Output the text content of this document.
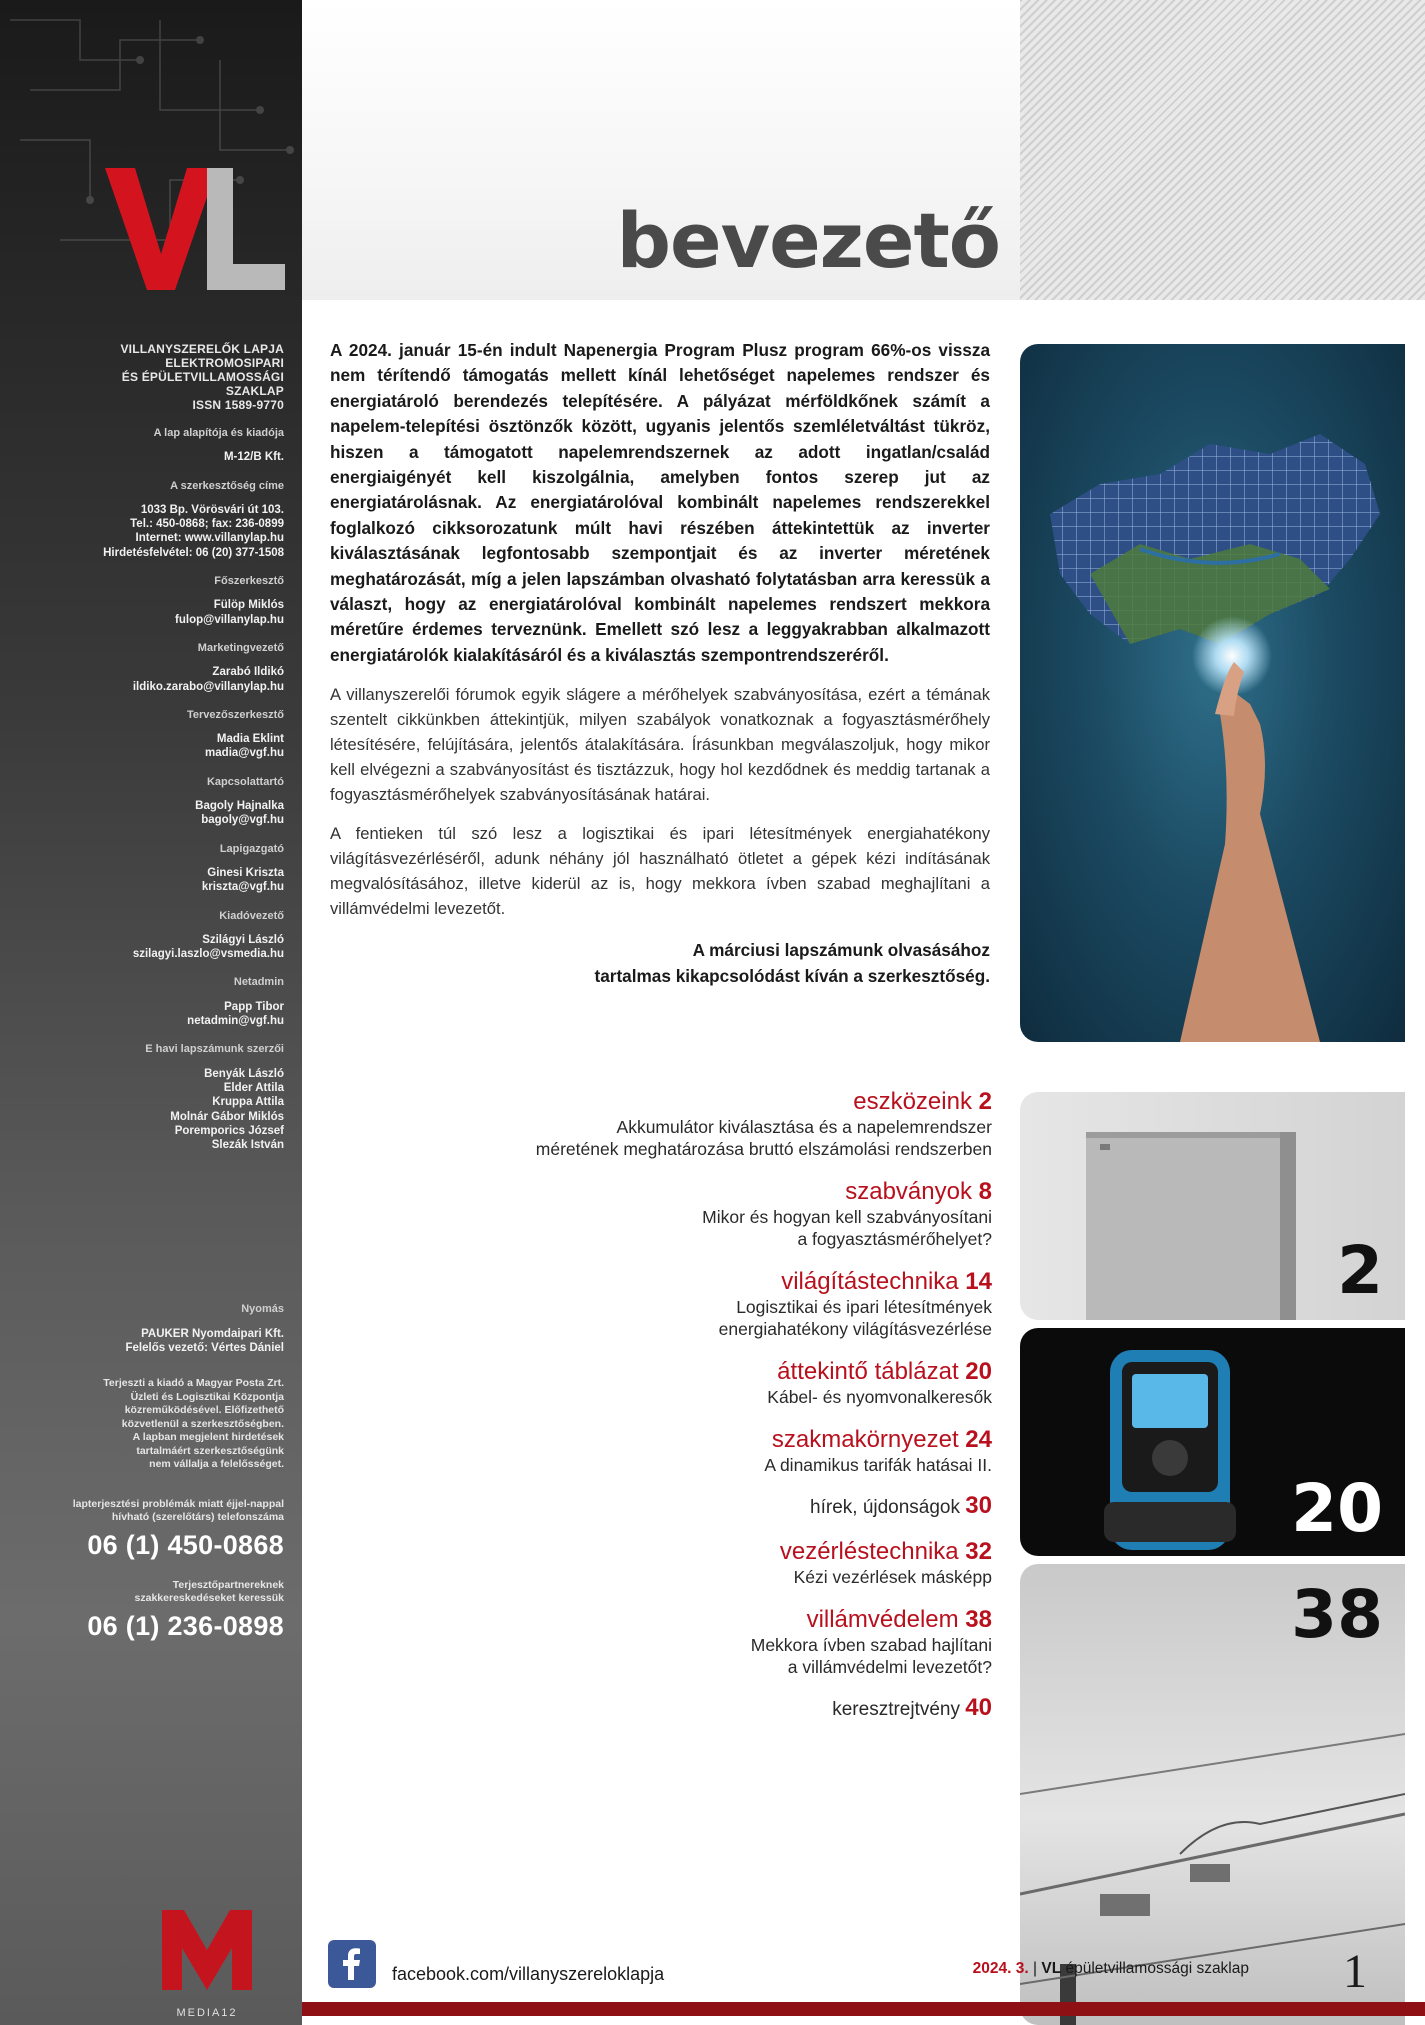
VILLANYSZERELŐK LAPJA
ELEKTROMOSIPARI
ÉS ÉPÜLETVILLAMOSSÁGI
SZAKLAP
ISSN 1589-9770
A lap alapítója és kiadója
M-12/B Kft.
A szerkesztőség címe
1033 Bp. Vörösvári út 103.
Tel.: 450-0868; fax: 236-0899
Internet: www.villanylap.hu
Hirdetésfelvétel: 06 (20) 377-1508
Főszerkesztő
Fülöp Miklós
fulop@villanylap.hu
Marketingvezető
Zarabó Ildikó
ildiko.zarabo@villanylap.hu
Tervezőszerkesztő
Madia Eklint
madia@vgf.hu
Kapcsolattartó
Bagoly Hajnalka
bagoly@vgf.hu
Lapigazgató
Ginesi Kriszta
kriszta@vgf.hu
Kiadóvezető
Szilágyi László
szilagyi.laszlo@vsmedia.hu
Netadmin
Papp Tibor
netadmin@vgf.hu
E havi lapszámunk szerzői
Benyák László
Elder Attila
Kruppa Attila
Molnár Gábor Miklós
Poremporics József
Slezák István
Nyomás
PAUKER Nyomdaipari Kft.
Felelős vezető: Vértes Dániel
Terjeszti a kiadó a Magyar Posta Zrt.
Üzleti és Logisztikai Központja
közreműködésével. Előfizethető
közvetlenül a szerkesztőségben.
A lapban megjelent hirdetések
tartalmáért szerkesztőségünk
nem vállalja a felelősséget.
lapterjesztési problémák miatt éjjel-nappal
hívható (szerelőtárs) telefonszáma
06 (1) 450-0868
Terjesztőpartnereknek
szakkereskedéseket keressük
06 (1) 236-0898
MEDIA12
bevezető

A 2024. január 15-én indult Napenergia Program Plusz program 66%-os vissza nem térítendő támogatás mellett kínál lehetőséget napelemes rendszer és energiatároló berendezés telepítésére. A pályázat mérföldkőnek számít a napelem-telepítési ösztönzők között, ugyanis jelentős szemléletváltást tükröz, hiszen a támogatott napelemrendszernek az adott ingatlan/család energiaigényét kell kiszolgálnia, amelyben fontos szerep jut az energiatárolásnak. Az energiatárolóval kombinált napelemes rendszerekkel foglalkozó cikksorozatunk múlt havi részében áttekintettük az inverter kiválasztásának legfontosabb szempontjait és az inverter méretének meghatározását, míg a jelen lapszámban olvasható folytatásban arra keressük a választ, hogy az energiatárolóval kombinált napelemes rendszert mekkora méretűre érdemes terveznünk. Emellett szó lesz a leggyakrabban alkalmazott energiatárolók kialakításáról és a kiválasztás szempontrendszeréről.

A villanyszerelői fórumok egyik slágere a mérőhelyek szabványosítása, ezért a témának szentelt cikkünkben áttekintjük, milyen szabályok vonatkoznak a fogyasztásmérőhely létesítésére, felújítására, jelentős átalakítására. Írásunkban megválaszoljuk, hogy mikor kell elvégezni a szabványosítást és tisztázzuk, hogy hol kezdődnek és meddig tartanak a fogyasztásmérőhelyek szabványosításának határai.

A fentieken túl szó lesz a logisztikai és ipari létesítmények energiahatékony világításvezérléséről, adunk néhány jól használható ötletet a gépek kézi indításának megvalósításához, illetve kiderül az is, hogy mekkora ívben szabad meghajlítani a villámvédelmi levezetőt.

A márciusi lapszámunk olvasásához
tartalmas kikapcsolódást kíván a szerkesztőség.
2
20
38
eszközeink 2
Akkumulátor kiválasztása és a napelemrendszer
méretének meghatározása bruttó elszámolási rendszerben
szabványok 8
Mikor és hogyan kell szabványosítani
a fogyasztásmérőhelyet?
világítástechnika 14
Logisztikai és ipari létesítmények
energiahatékony világításvezérlése
áttekintő táblázat 20
Kábel- és nyomvonalkeresők
szakmakörnyezet 24
A dinamikus tarifák hatásai II.
hírek, újdonságok 30
vezérléstechnika 32
Kézi vezérlések másképp
villámvédelem 38
Mekkora ívben szabad hajlítani
a villámvédelmi levezetőt?
keresztrejtvény 40
facebook.com/villanyszereloklapja	2024. 3. | VL épületvillamossági szaklap 1
